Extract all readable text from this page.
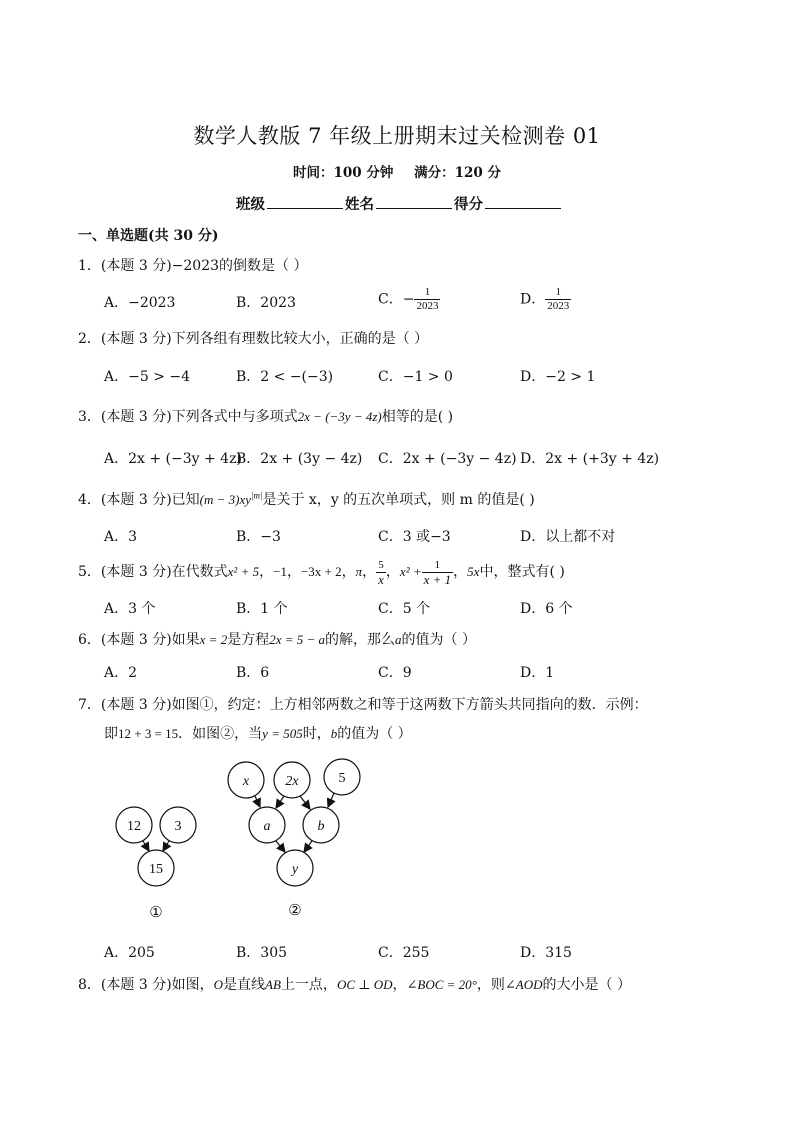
数学人教版 7 年级上册期末过关检测卷 01
时间：100 分钟 满分：120 分
班级	姓名	得分
一、单选题(共 30 分)
1．(本题 3 分)−2023的倒数是（ ）
A．−2023	B．2023	C．− $\frac{1}{2023}$	D． $\frac{1}{2023}$
2．(本题 3 分)下列各组有理数比较大小，正确的是（ ）
A．−5 > −4	B．2 < −(−3)	C．−1 > 0	D．−2 > 1
3．(本题 3 分)下列各式中与多项式2x − (−3y − 4z)相等的是( )
A．2x + (−3y + 4z)
B．2x + (3y − 4z) C．2x + (−3y − 4z) D．2x + (+3y + 4z)
4．(本题 3 分)已知$(m - 3)xy^{|m|}$是关于 x，y 的五次单项式，则 m 的值是( )
A．3	B．−3	C．3 或−3	D．以上都不对
5．(本题 3 分)在代数式x² + 5，−1，−3x + 2，π， $\frac{5}{x}$ ，$x^2 + \frac{1}{x + 1}$ ，5x中，整式有( )
A．3 个	B．1 个	C．5 个	D．6 个
6．(本题 3 分)如果x = 2是方程2x = 5 − a的解，那么a的值为（ ）
A．2	B．6	C．9	D．1
7．(本题 3 分)如图①，约定：上方相邻两数之和等于这两数下方箭头共同指向的数．示例：
即12 + 3 = 15．如图②，当y = 505时，b的值为（ ）
12 3
15
①
x	2x	5
a	b
y
②
A．205	B．305	C．255	D．315
8．(本题 3 分)如图，O是直线AB上一点，OC ⊥ OD，∠BOC = 20°，则∠AOD的大小是（ ）
